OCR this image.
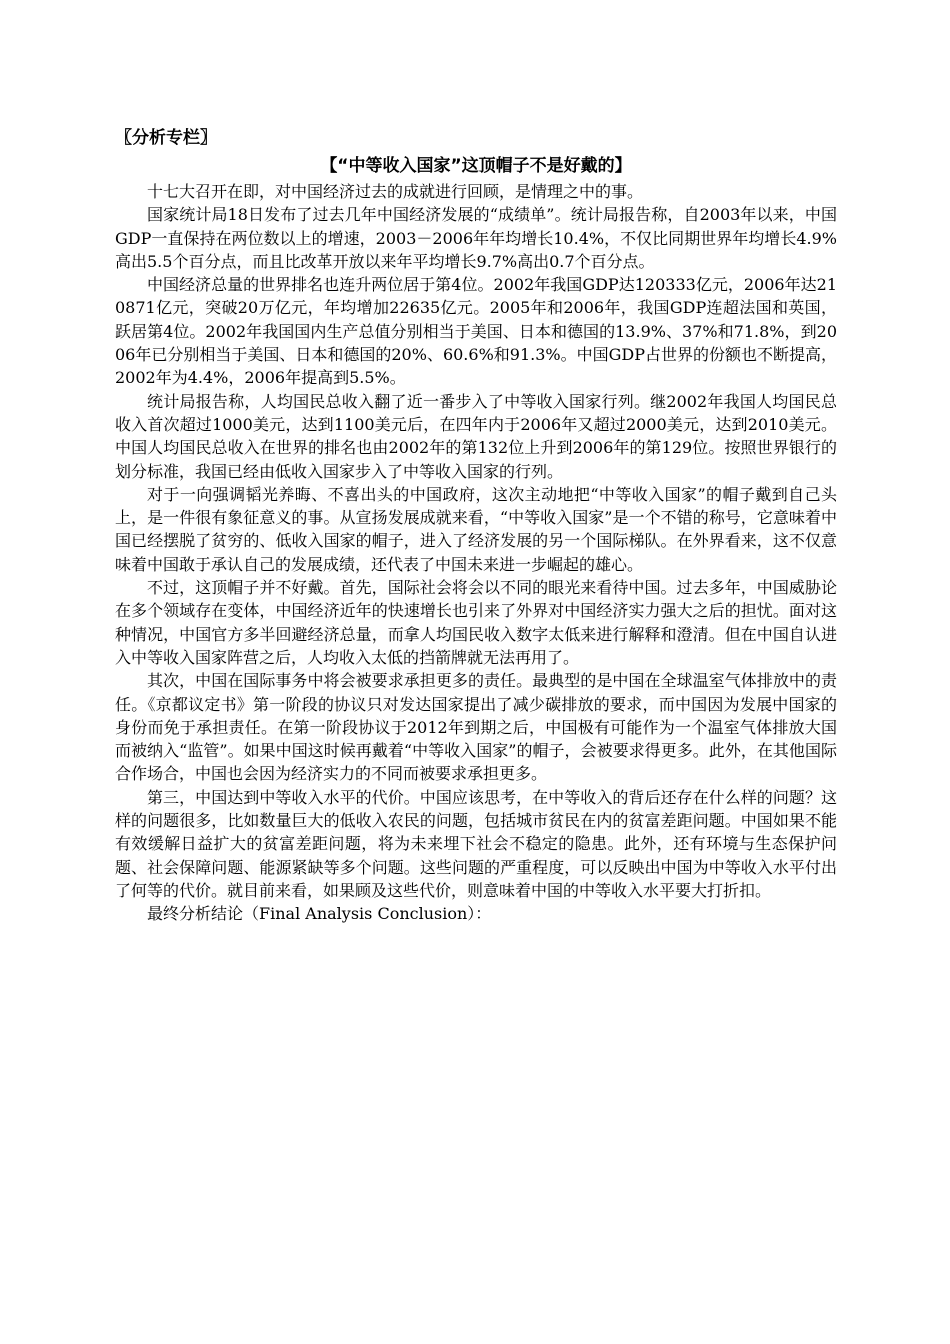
〖分析专栏〗

【“中等收入国家”这顶帽子不是好戴的】

十七大召开在即，对中国经济过去的成就进行回顾，是情理之中的事。

国家统计局18日发布了过去几年中国经济发展的“成绩单”。统计局报告称，自2003年以来，中国GDP一直保持在两位数以上的增速，2003－2006年年均增长10.4%，不仅比同期世界年均增长4.9%高出5.5个百分点，而且比改革开放以来年平均增长9.7%高出0.7个百分点。

中国经济总量的世界排名也连升两位居于第4位。2002年我国GDP达120333亿元，2006年达210871亿元，突破20万亿元，年均增加22635亿元。2005年和2006年，我国GDP连超法国和英国，跃居第4位。2002年我国国内生产总值分别相当于美国、日本和德国的13.9%、37%和71.8%，到2006年已分别相当于美国、日本和德国的20%、60.6%和91.3%。中国GDP占世界的份额也不断提高，2002年为4.4%，2006年提高到5.5%。

统计局报告称，人均国民总收入翻了近一番步入了中等收入国家行列。继2002年我国人均国民总收入首次超过1000美元，达到1100美元后，在四年内于2006年又超过2000美元，达到2010美元。中国人均国民总收入在世界的排名也由2002年的第132位上升到2006年的第129位。按照世界银行的划分标准，我国已经由低收入国家步入了中等收入国家的行列。

对于一向强调韬光养晦、不喜出头的中国政府，这次主动地把“中等收入国家”的帽子戴到自己头上，是一件很有象征意义的事。从宣扬发展成就来看，“中等收入国家”是一个不错的称号，它意味着中国已经摆脱了贫穷的、低收入国家的帽子，进入了经济发展的另一个国际梯队。在外界看来，这不仅意味着中国敢于承认自己的发展成绩，还代表了中国未来进一步崛起的雄心。

不过，这顶帽子并不好戴。首先，国际社会将会以不同的眼光来看待中国。过去多年，中国威胁论在多个领域存在变体，中国经济近年的快速增长也引来了外界对中国经济实力强大之后的担忧。面对这种情况，中国官方多半回避经济总量，而拿人均国民收入数字太低来进行解释和澄清。但在中国自认进入中等收入国家阵营之后，人均收入太低的挡箭牌就无法再用了。

其次，中国在国际事务中将会被要求承担更多的责任。最典型的是中国在全球温室气体排放中的责任。《京都议定书》第一阶段的协议只对发达国家提出了减少碳排放的要求，而中国因为发展中国家的身份而免于承担责任。在第一阶段协议于2012年到期之后，中国极有可能作为一个温室气体排放大国而被纳入“监管”。如果中国这时候再戴着“中等收入国家”的帽子，会被要求得更多。此外，在其他国际合作场合，中国也会因为经济实力的不同而被要求承担更多。

第三，中国达到中等收入水平的代价。中国应该思考，在中等收入的背后还存在什么样的问题？这样的问题很多，比如数量巨大的低收入农民的问题，包括城市贫民在内的贫富差距问题。中国如果不能有效缓解日益扩大的贫富差距问题，将为未来埋下社会不稳定的隐患。此外，还有环境与生态保护问题、社会保障问题、能源紧缺等多个问题。这些问题的严重程度，可以反映出中国为中等收入水平付出了何等的代价。就目前来看，如果顾及这些代价，则意味着中国的中等收入水平要大打折扣。

最终分析结论（Final Analysis Conclusion）：
